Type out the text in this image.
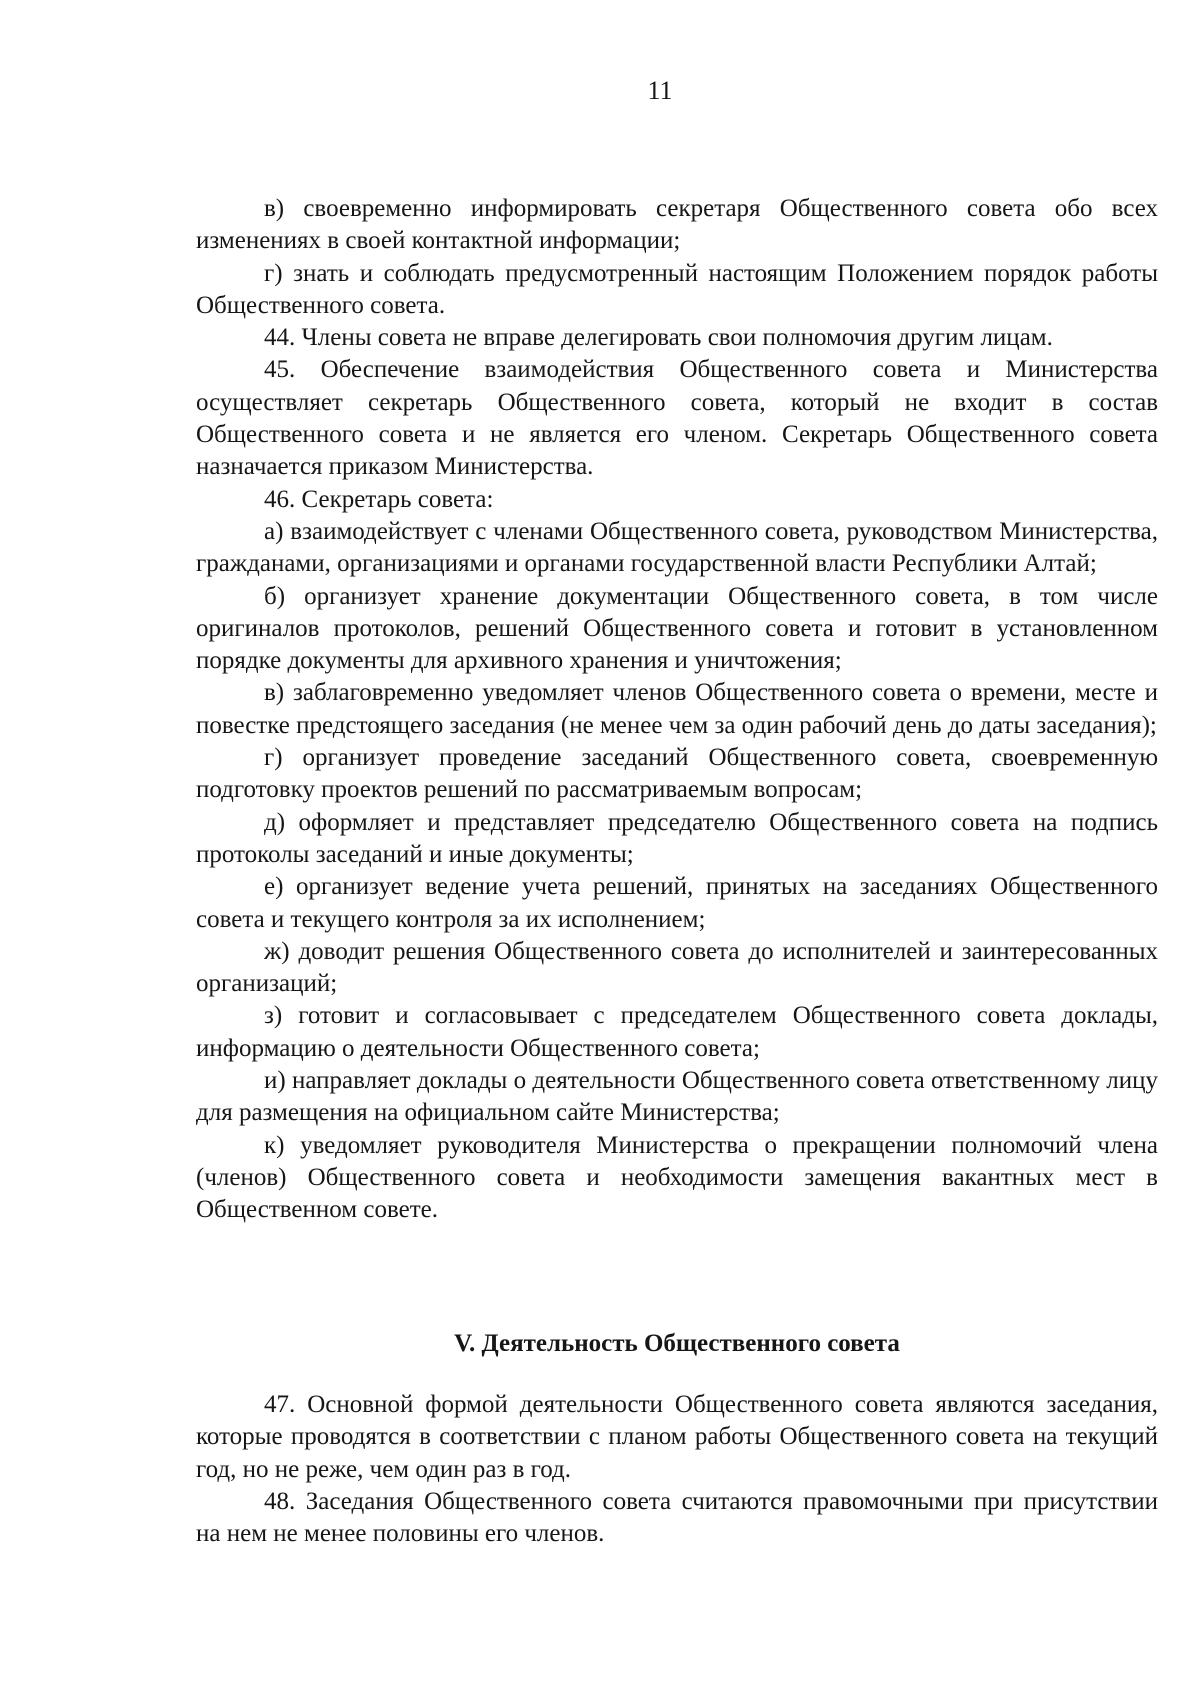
11

в) своевременно информировать секретаря Общественного совета обо всех изменениях в своей контактной информации;

г) знать и соблюдать предусмотренный настоящим Положением порядок работы Общественного совета.

44. Члены совета не вправе делегировать свои полномочия другим лицам.

45. Обеспечение взаимодействия Общественного совета и Министерства осуществляет секретарь Общественного совета, который не входит в состав Общественного совета и не является его членом. Секретарь Общественного совета назначается приказом Министерства.

46. Секретарь совета:

а) взаимодействует с членами Общественного совета, руководством Министерства, гражданами, организациями и органами государственной власти Республики Алтай;

б) организует хранение документации Общественного совета, в том числе оригиналов протоколов, решений Общественного совета и готовит в установленном порядке документы для архивного хранения и уничтожения;

в) заблаговременно уведомляет членов Общественного совета о времени, месте и повестке предстоящего заседания (не менее чем за один рабочий день до даты заседания);

г) организует проведение заседаний Общественного совета, своевременную подготовку проектов решений по рассматриваемым вопросам;

д) оформляет и представляет председателю Общественного совета на подпись протоколы заседаний и иные документы;

е) организует ведение учета решений, принятых на заседаниях Общественного совета и текущего контроля за их исполнением;

ж) доводит решения Общественного совета до исполнителей и заинтересованных организаций;

з) готовит и согласовывает с председателем Общественного совета доклады, информацию о деятельности Общественного совета;

и) направляет доклады о деятельности Общественного совета ответственному лицу для размещения на официальном сайте Министерства;

к) уведомляет руководителя Министерства о прекращении полномочий члена (членов) Общественного совета и необходимости замещения вакантных мест в Общественном совете.

V. Деятельность Общественного совета

47. Основной формой деятельности Общественного совета являются заседания, которые проводятся в соответствии с планом работы Общественного совета на текущий год, но не реже, чем один раз в год.

48. Заседания Общественного совета считаются правомочными при присутствии на нем не менее половины его членов.
